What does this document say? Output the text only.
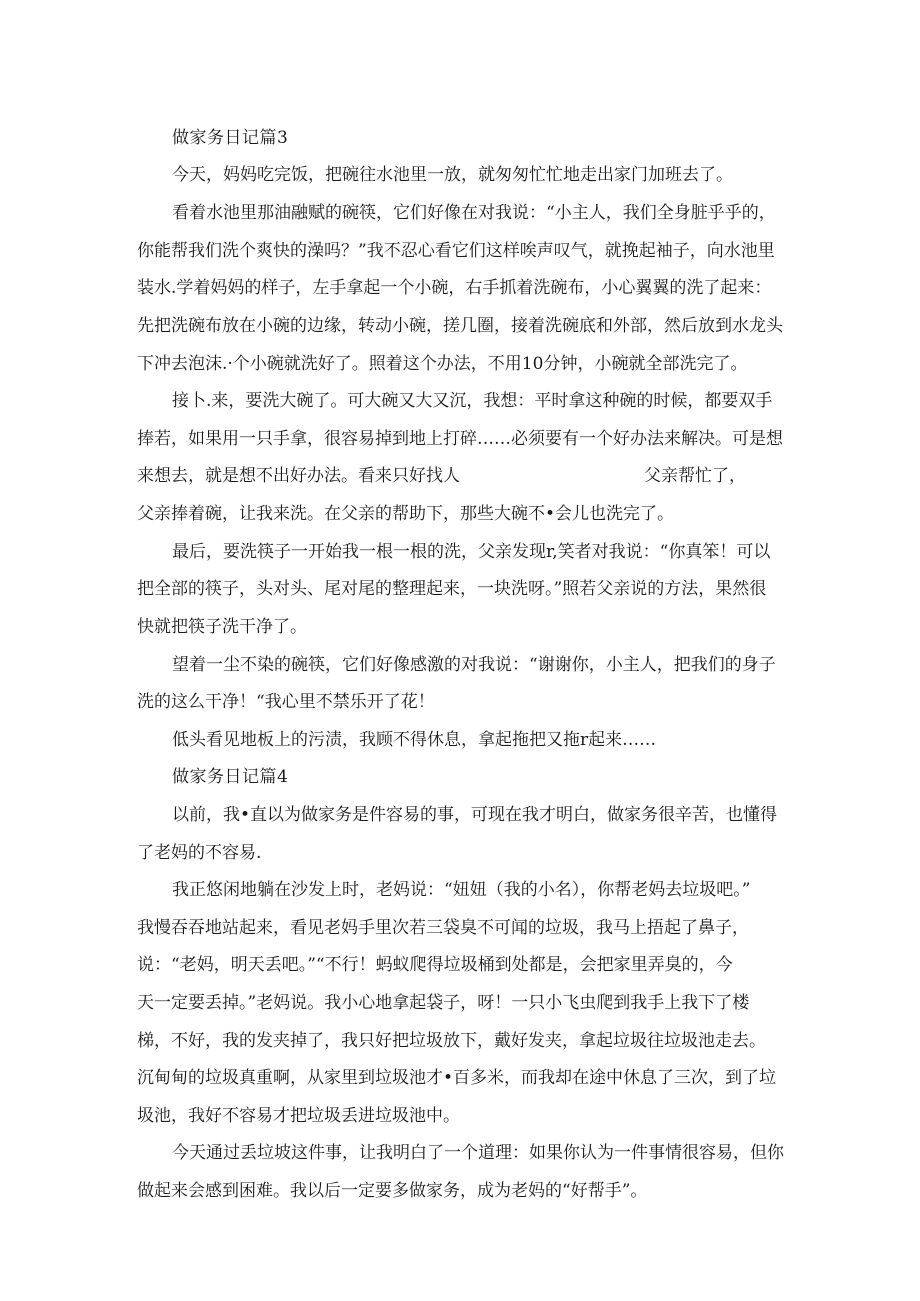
做家务日记篇3
今天，妈妈吃完饭，把碗往水池里一放，就匆匆忙忙地走出家门加班去了。
看着水池里那油融赋的碗筷，它们好像在对我说：“小主人，我们全身脏乎乎的，
你能帮我们洗个爽快的澡吗？”我不忍心看它们这样唉声叹气，就挽起袖子，向水池里
装水.学着妈妈的样子，左手拿起一个小碗，右手抓着洗碗布，小心翼翼的洗了起来：
先把洗碗布放在小碗的边缘，转动小碗，搓几圈，接着洗碗底和外部，然后放到水龙头
下冲去泡沫.·个小碗就洗好了。照着这个办法，不用10分钟，小碗就全部洗完了。
接卜.来，要洗大碗了。可大碗又大又沉，我想：平时拿这种碗的时候，都要双手
捧若，如果用一只手拿，很容易掉到地上打碎……必须要有一个好办法来解决。可是想
来想去，就是想不出好办法。看来只好找人	父亲帮忙了，
父亲捧着碗，让我来洗。在父亲的帮助下，那些大碗不•会儿也洗完了。
最后，要洗筷子一开始我一根一根的洗，父亲发现r,笑者对我说：“你真笨！可以
把全部的筷子，头对头、尾对尾的整理起来，一块洗呀。”照若父亲说的方法，果然很
快就把筷子洗干净了。
望着一尘不染的碗筷，它们好像感激的对我说：“谢谢你，小主人，把我们的身子
洗的这么干净！“我心里不禁乐开了花！
低头看见地板上的污渍，我顾不得休息，拿起拖把又拖r起来……
做家务日记篇4
以前，我•直以为做家务是件容易的事，可现在我才明白，做家务很辛苦，也懂得
了老妈的不容易.
我正悠闲地躺在沙发上时，老妈说：“妞妞（我的小名），你帮老妈去垃圾吧。”
我慢吞吞地站起来，看见老妈手里次若三袋臭不可闻的垃圾，我马上捂起了鼻子，
说：“老妈，明天丢吧。”“不行！蚂蚁爬得垃圾桶到处都是，会把家里弄臭的，今
天一定要丢掉。”老妈说。我小心地拿起袋子，呀！一只小飞虫爬到我手上我下了楼
梯，不好，我的发夹掉了，我只好把垃圾放下，戴好发夹，拿起垃圾往垃圾池走去。
沉甸甸的垃圾真重啊，从家里到垃圾池才•百多米，而我却在途中休息了三次，到了垃
圾池，我好不容易才把垃圾丢进垃圾池中。
今天通过丢垃坡这件事，让我明白了一个道理：如果你认为一件事情很容易，但你
做起来会感到困难。我以后一定要多做家务，成为老妈的“好帮手”。
